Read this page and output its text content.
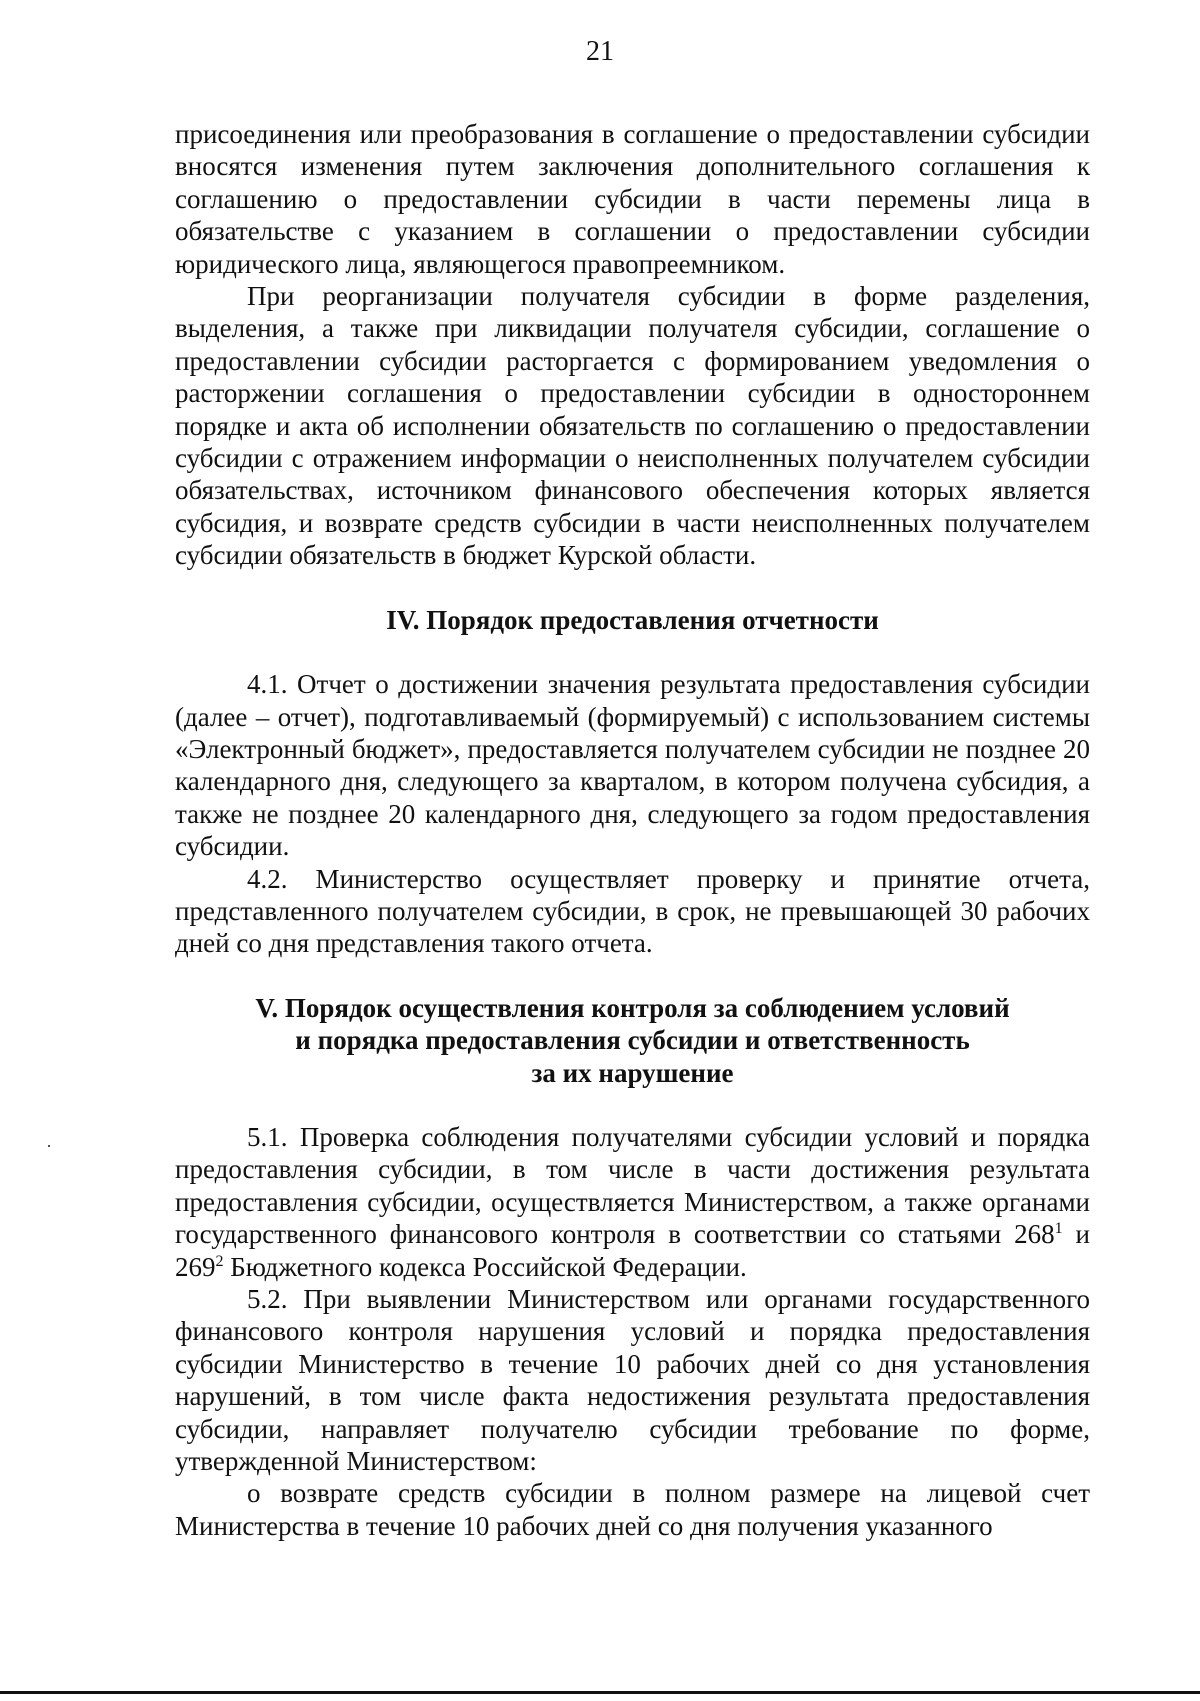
21

присоединения или преобразования в соглашение о предоставлении субсидии вносятся изменения путем заключения дополнительного соглашения к соглашению о предоставлении субсидии в части перемены лица в обязательстве с указанием в соглашении о предоставлении субсидии юридического лица, являющегося правопреемником.

При реорганизации получателя субсидии в форме разделения, выделения, а также при ликвидации получателя субсидии, соглашение о предоставлении субсидии расторгается с формированием уведомления о расторжении соглашения о предоставлении субсидии в одностороннем порядке и акта об исполнении обязательств по соглашению о предоставлении субсидии с отражением информации о неисполненных получателем субсидии обязательствах, источником финансового обеспечения которых является субсидия, и возврате средств субсидии в части неисполненных получателем субсидии обязательств в бюджет Курской области.

IV. Порядок предоставления отчетности

4.1. Отчет о достижении значения результата предоставления субсидии (далее – отчет), подготавливаемый (формируемый) с использованием системы «Электронный бюджет», предоставляется получателем субсидии не позднее 20 календарного дня, следующего за кварталом, в котором получена субсидия, а также не позднее 20 календарного дня, следующего за годом предоставления субсидии.

4.2. Министерство осуществляет проверку и принятие отчета, представленного получателем субсидии, в срок, не превышающей 30 рабочих дней со дня представления такого отчета.

V. Порядок осуществления контроля за соблюдением условий
и порядка предоставления субсидии и ответственность
за их нарушение

5.1. Проверка соблюдения получателями субсидии условий и порядка предоставления субсидии, в том числе в части достижения результата предоставления субсидии, осуществляется Министерством, а также органами государственного финансового контроля в соответствии со статьями $268^1$ и $269^2$ Бюджетного кодекса Российской Федерации.

5.2. При выявлении Министерством или органами государственного финансового контроля нарушения условий и порядка предоставления субсидии Министерство в течение 10 рабочих дней со дня установления нарушений, в том числе факта недостижения результата предоставления субсидии, направляет получателю субсидии требование по форме, утвержденной Министерством:

о возврате средств субсидии в полном размере на лицевой счет Министерства в течение 10 рабочих дней со дня получения указанного
